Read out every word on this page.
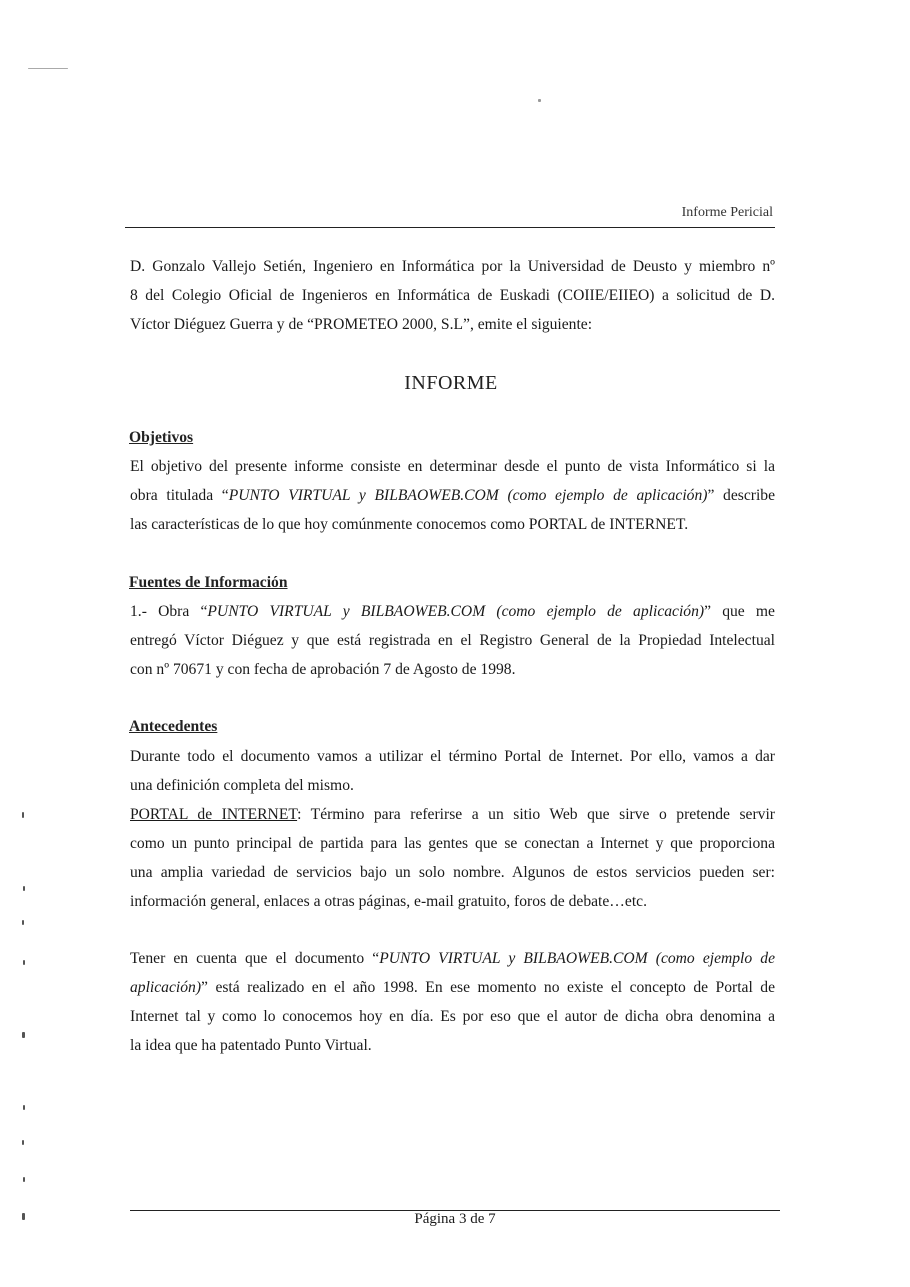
Informe Pericial
D. Gonzalo Vallejo Setién, Ingeniero en Informática por la Universidad de Deusto y miembro nº
8 del Colegio Oficial de Ingenieros en Informática de Euskadi (COIIE/EIIEO) a solicitud de D.
Víctor Diéguez Guerra y de “PROMETEO 2000, S.L”, emite el siguiente:
INFORME
Objetivos
El objetivo del presente informe consiste en determinar desde el punto de vista Informático si la
obra titulada “PUNTO VIRTUAL y BILBAOWEB.COM (como ejemplo de aplicación)” describe
las características de lo que hoy comúnmente conocemos como PORTAL de INTERNET.
Fuentes de Información
1.- Obra “PUNTO VIRTUAL y BILBAOWEB.COM (como ejemplo de aplicación)” que me
entregó Víctor Diéguez y que está registrada en el Registro General de la Propiedad Intelectual
con nº 70671 y con fecha de aprobación 7 de Agosto de 1998.
Antecedentes
Durante todo el documento vamos a utilizar el término Portal de Internet. Por ello, vamos a dar
una definición completa del mismo.
PORTAL de INTERNET: Término para referirse a un sitio Web que sirve o pretende servir
como un punto principal de partida para las gentes que se conectan a Internet y que proporciona
una amplia variedad de servicios bajo un solo nombre. Algunos de estos servicios pueden ser:
información general, enlaces a otras páginas, e-mail gratuito, foros de debate…etc.
Tener en cuenta que el documento “PUNTO VIRTUAL y BILBAOWEB.COM (como ejemplo de
aplicación)” está realizado en el año 1998. En ese momento no existe el concepto de Portal de
Internet tal y como lo conocemos hoy en día. Es por eso que el autor de dicha obra denomina a
la idea que ha patentado Punto Virtual.
Página 3 de 7
